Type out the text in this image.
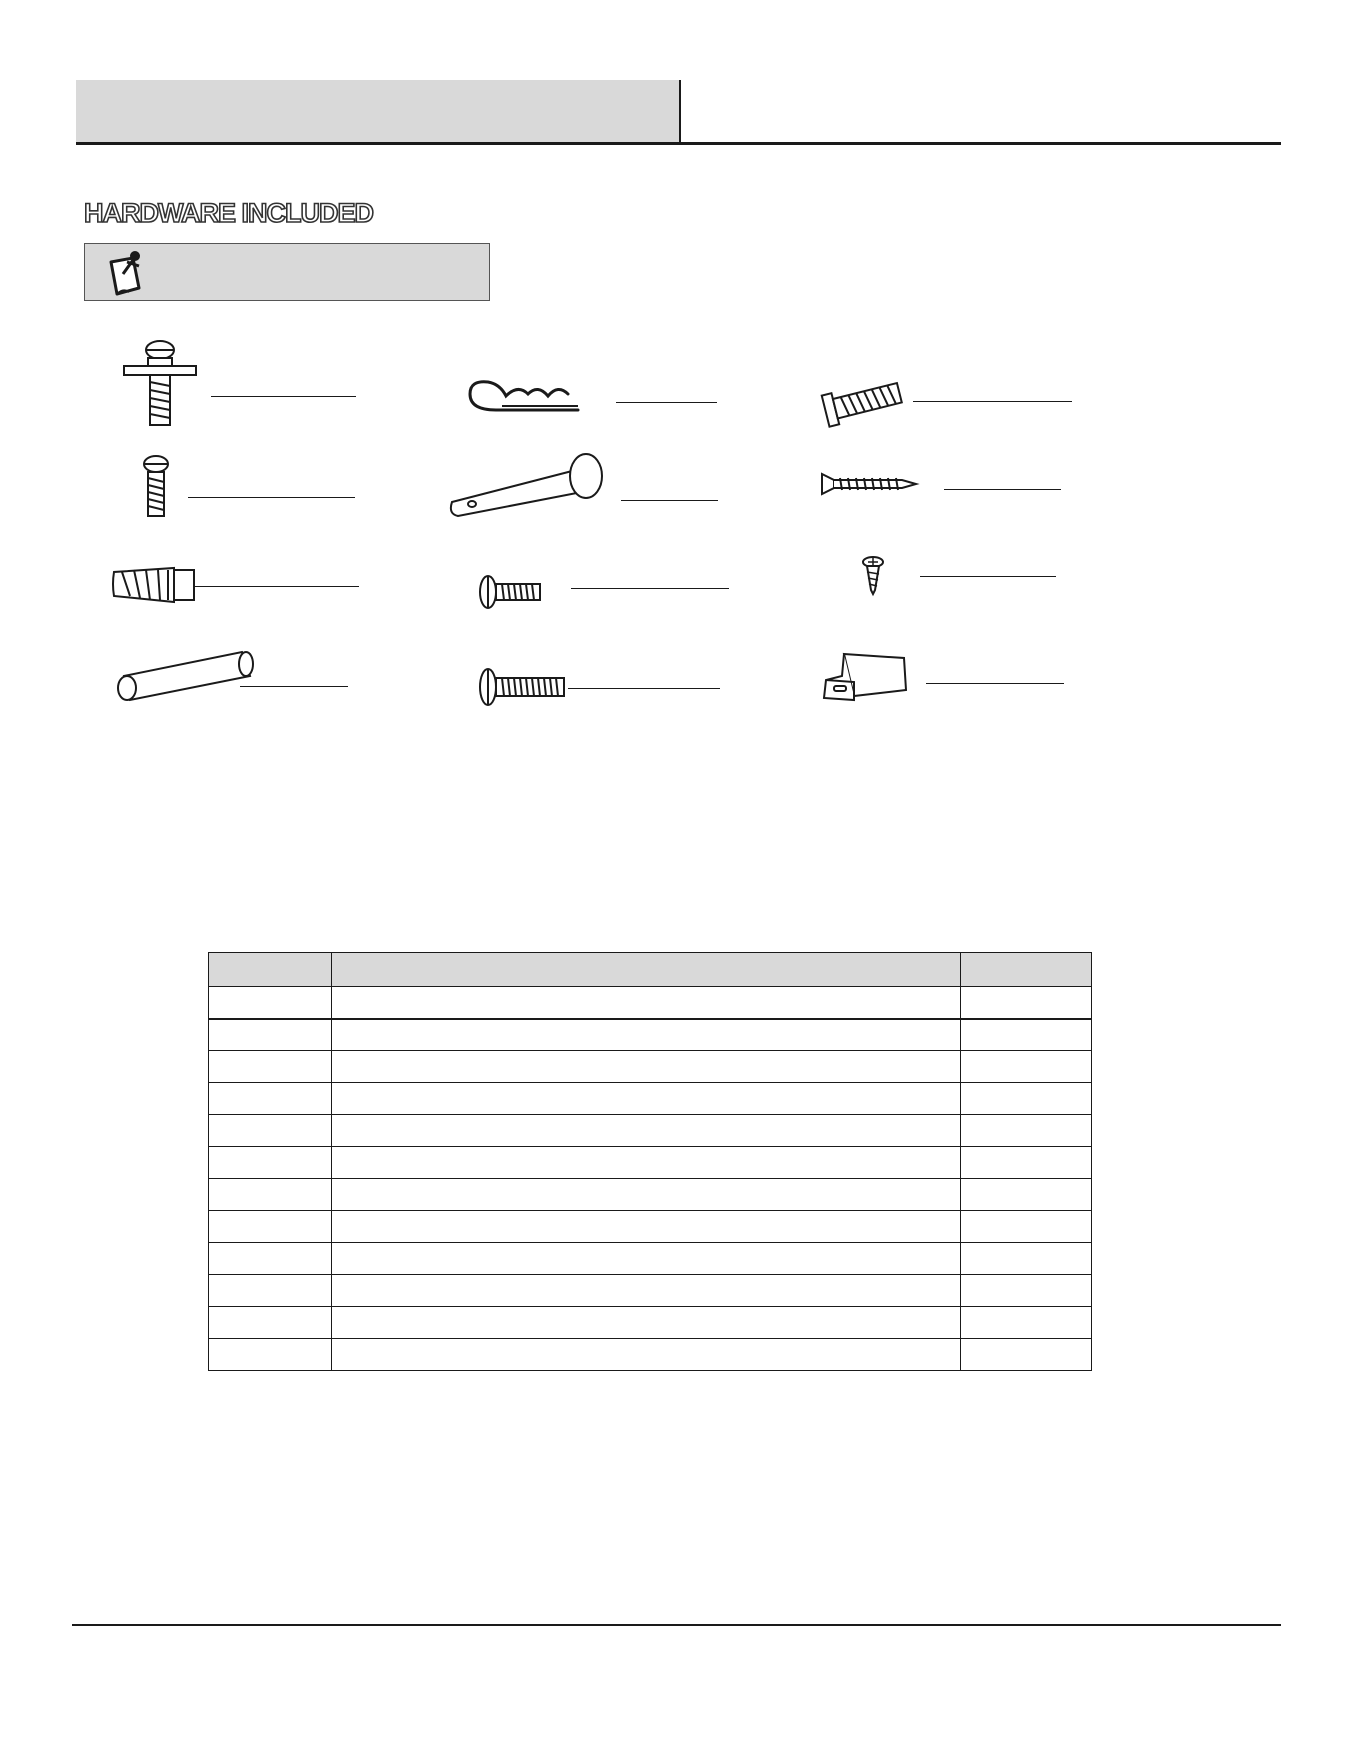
HARDWARE INCLUDED
